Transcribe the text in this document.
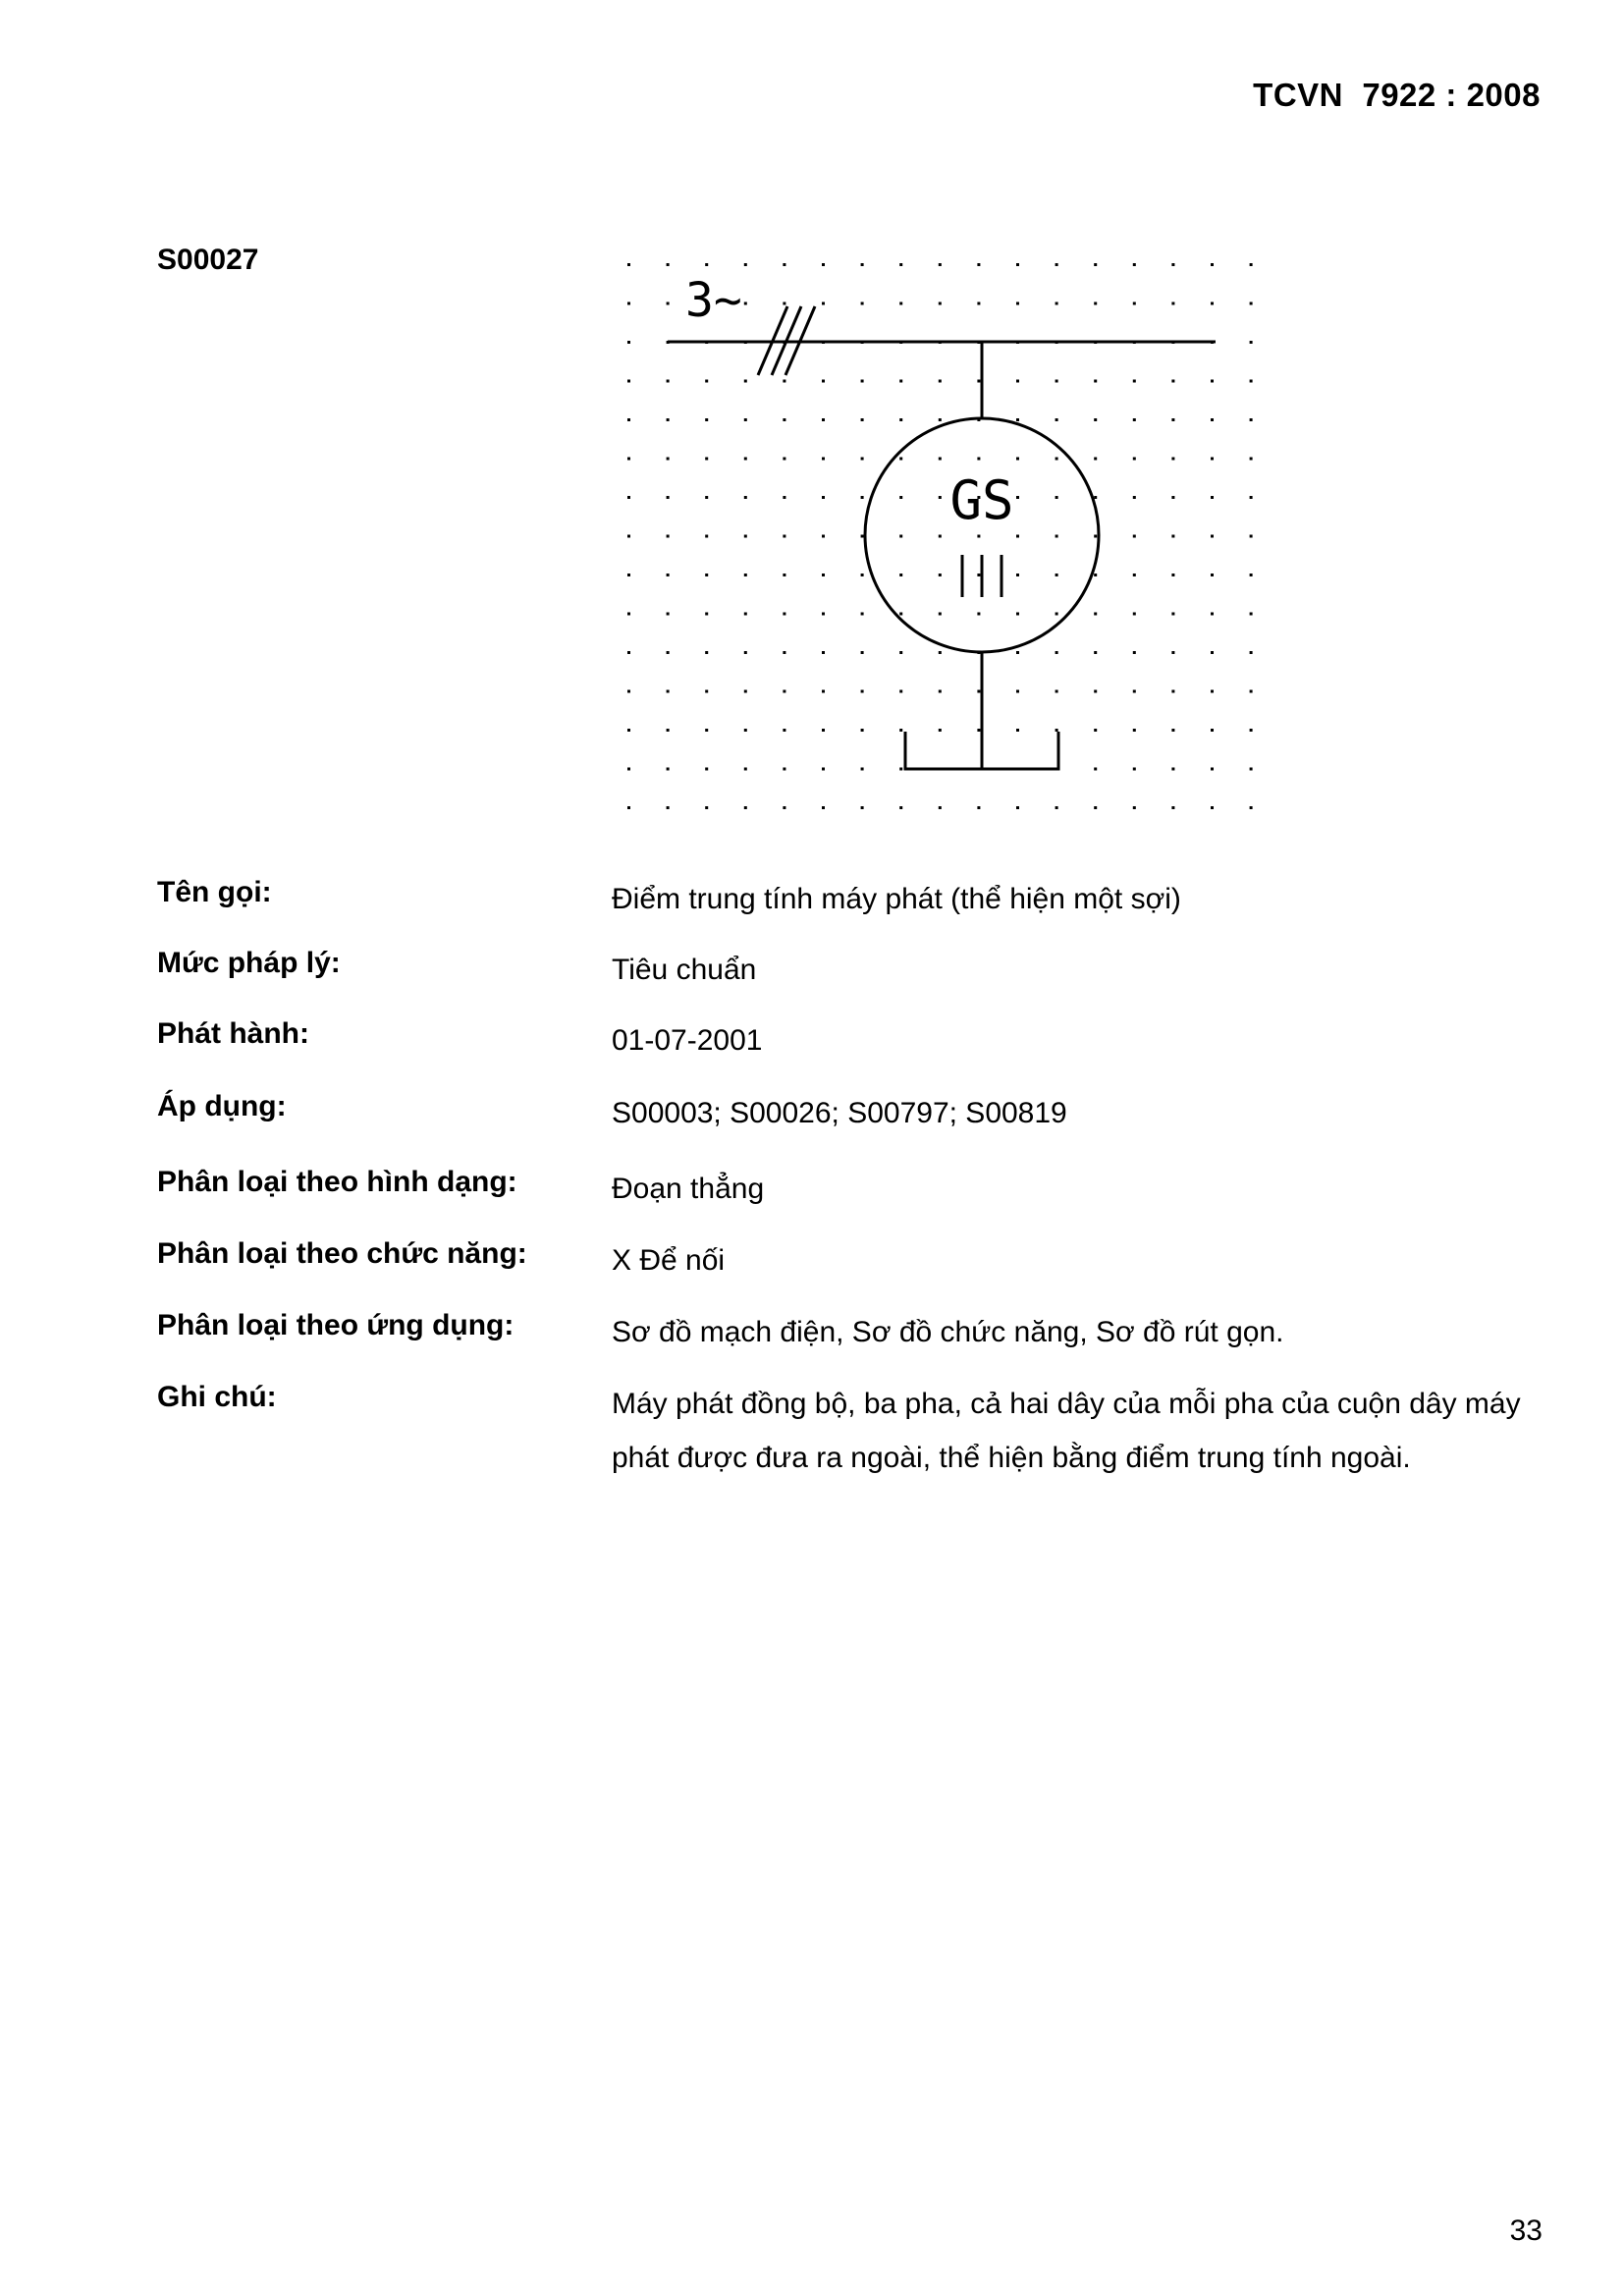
TCVN  7922 : 2008
S00027
3~
GS
Tên gọi:	Điểm trung tính máy phát (thể hiện một sợi)
Mức pháp lý:	Tiêu chuẩn
Phát hành:	01-07-2001
Áp dụng:	S00003; S00026; S00797; S00819
Phân loại theo hình dạng:	Đoạn thẳng
Phân loại theo chức năng:	X Để nối
Phân loại theo ứng dụng:	Sơ đồ mạch điện, Sơ đồ chức năng, Sơ đồ rút gọn.
Ghi chú:	Máy phát đồng bộ, ba pha, cả hai dây của mỗi pha của cuộn dây máy phát được đưa ra ngoài, thể hiện bằng điểm trung tính ngoài.
33
